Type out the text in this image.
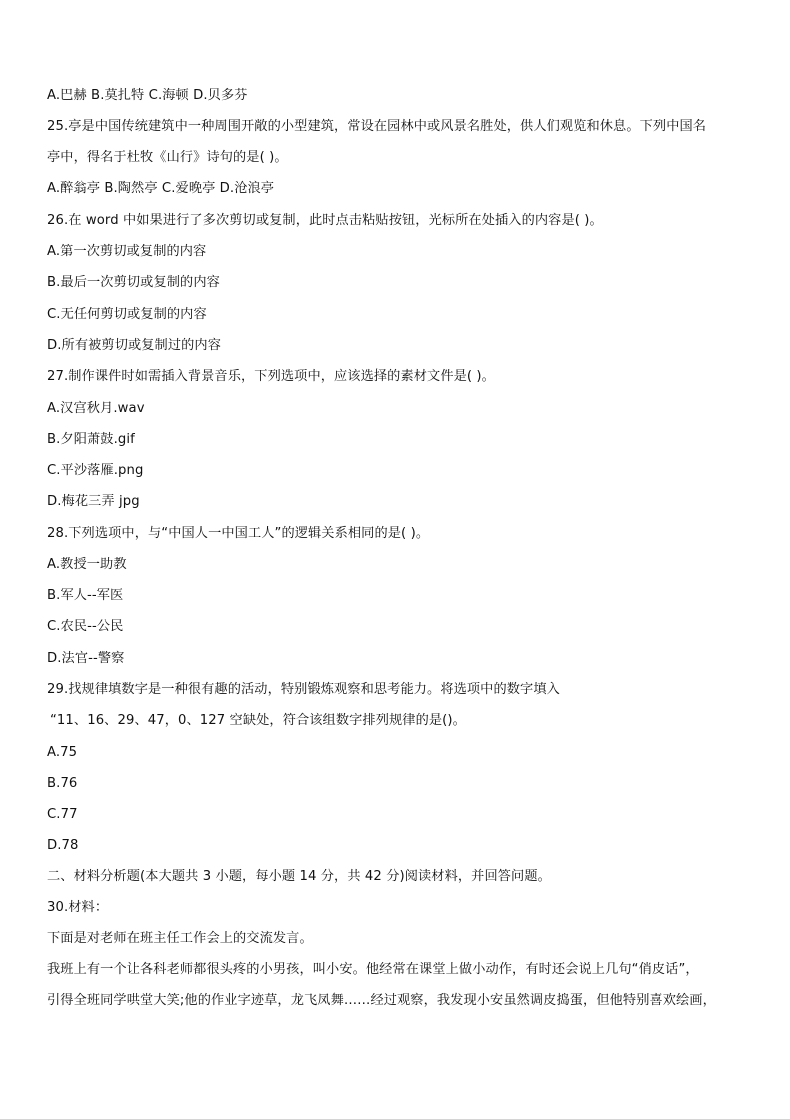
A.巴赫 B.莫扎特 C.海顿 D.贝多芬
25.亭是中国传统建筑中一种周围开敞的小型建筑，常设在园林中或风景名胜处，供人们观览和休息。下列中国名
亭中，得名于杜牧《山行》诗句的是( )。
A.醉翁亭 B.陶然亭 C.爱晚亭 D.沧浪亭
26.在 word 中如果进行了多次剪切或复制，此时点击粘贴按钮，光标所在处插入的内容是( )。
A.第一次剪切或复制的内容
B.最后一次剪切或复制的内容
C.无任何剪切或复制的内容
D.所有被剪切或复制过的内容
27.制作课件时如需插入背景音乐，下列选项中，应该选择的素材文件是( )。
A.汉宫秋月.wav
B.夕阳萧鼓.gif
C.平沙落雁.png
D.梅花三弄 jpg
28.下列选项中，与“中国人一中国工人”的逻辑关系相同的是( )。
A.教授一助教
B.军人--军医
C.农民--公民
D.法官--警察
29.找规律填数字是一种很有趣的活动，特别锻炼观察和思考能力。将选项中的数字填入
“11、16、29、47，0、127 空缺处，符合该组数字排列规律的是()。
A.75
B.76
C.77
D.78
二、材料分析题(本大题共 3 小题，每小题 14 分，共 42 分)阅读材料，并回答问题。
30.材料：
下面是对老师在班主任工作会上的交流发言。
我班上有一个让各科老师都很头疼的小男孩，叫小安。他经常在课堂上做小动作，有时还会说上几句“俏皮话”，
引得全班同学哄堂大笑;他的作业字迹草，龙飞凤舞……经过观察，我发现小安虽然调皮捣蛋，但他特别喜欢绘画，
